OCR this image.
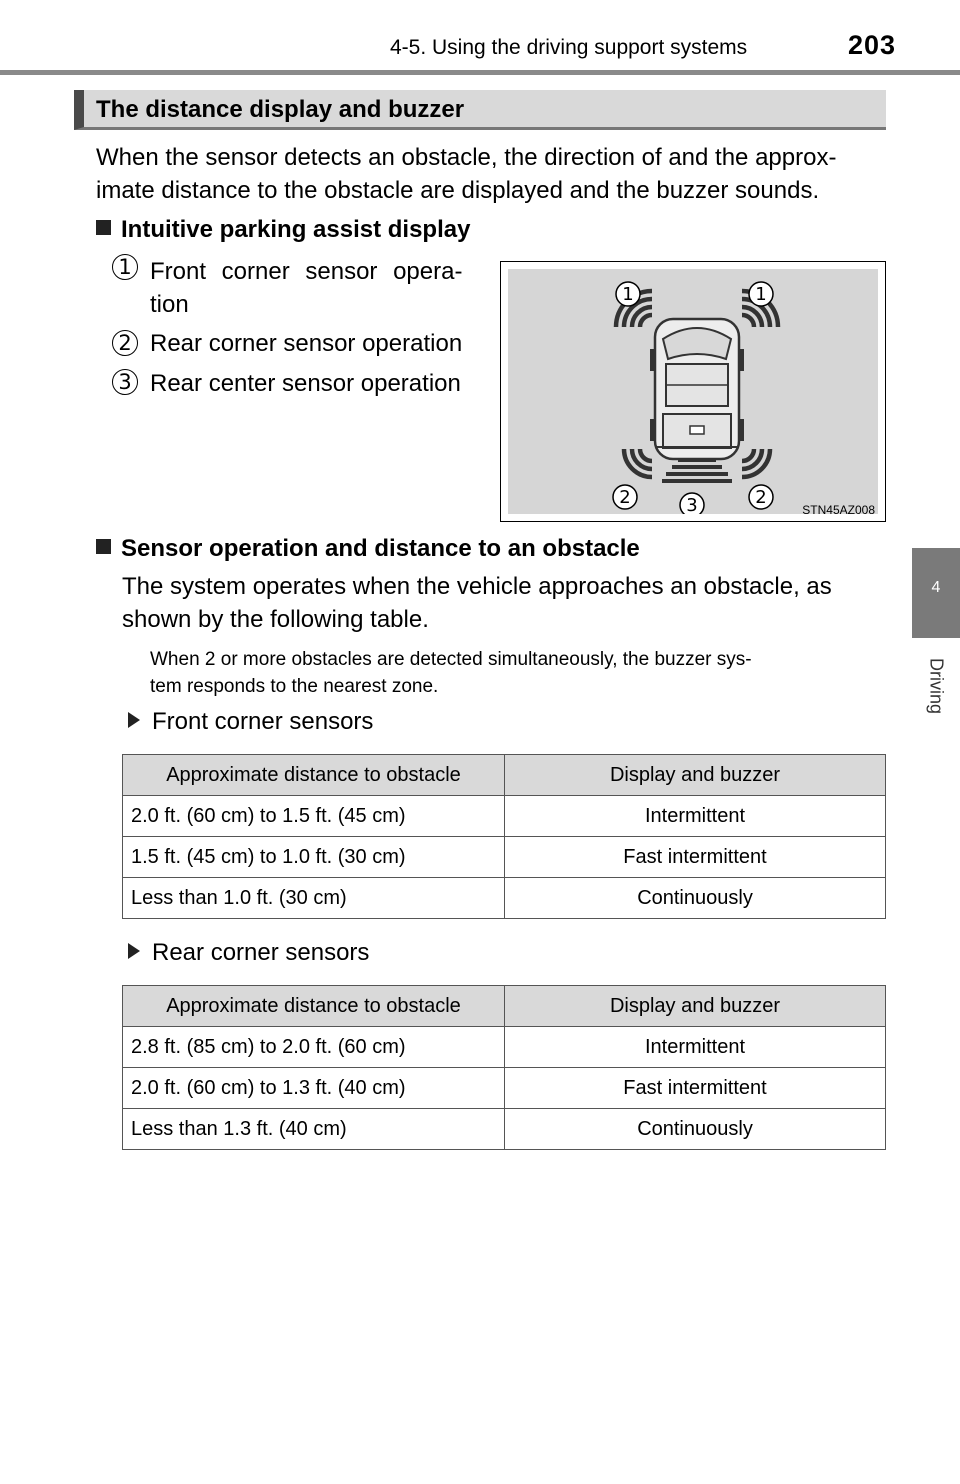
4-5. Using the driving support systems	203
4
Driving
The distance display and buzzer
When the sensor detects an obstacle, the direction of and the approx-
imate distance to the obstacle are displayed and the buzzer sounds.
Intuitive parking assist display
1 Front corner sensor opera-
tion
2 Rear corner sensor operation
3 Rear center sensor operation
1	1
2	3	2
STN45AZ008
Sensor operation and distance to an obstacle
The system operates when the vehicle approaches an obstacle, as
shown by the following table.
When 2 or more obstacles are detected simultaneously, the buzzer sys-
tem responds to the nearest zone.
Front corner sensors
Approximate distance to obstacle	Display and buzzer
2.0 ft. (60 cm) to 1.5 ft. (45 cm)	Intermittent
1.5 ft. (45 cm) to 1.0 ft. (30 cm)	Fast intermittent
Less than 1.0 ft. (30 cm)	Continuously
Rear corner sensors
Approximate distance to obstacle	Display and buzzer
2.8 ft. (85 cm) to 2.0 ft. (60 cm)	Intermittent
2.0 ft. (60 cm) to 1.3 ft. (40 cm)	Fast intermittent
Less than 1.3 ft. (40 cm)	Continuously
